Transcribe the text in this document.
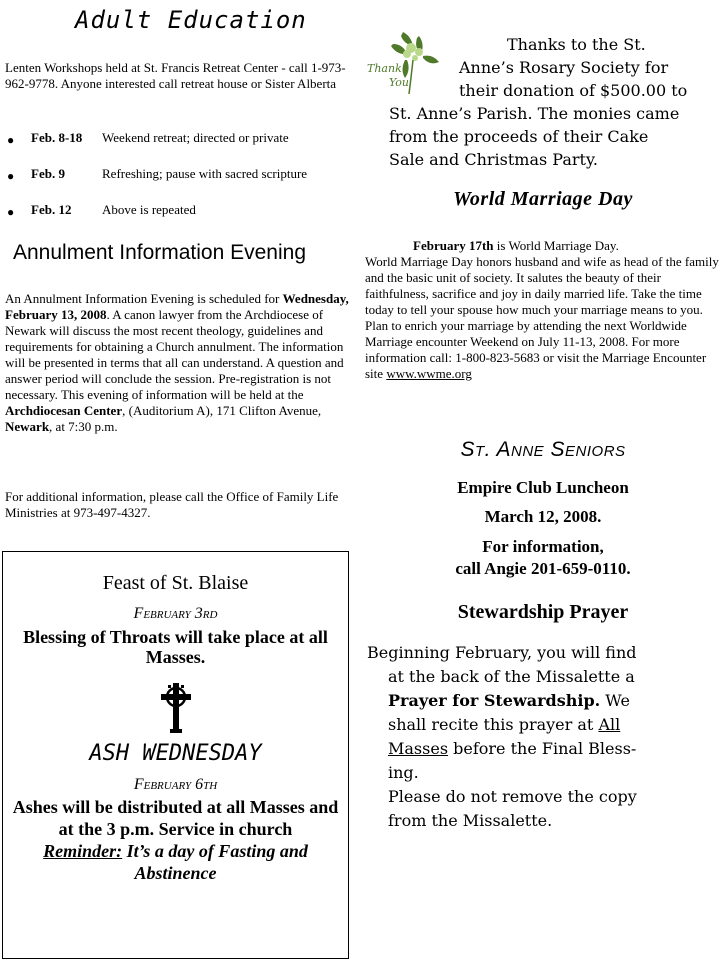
Adult Education

Lenten Workshops held at St. Francis Retreat Center - call 1-973-962-9778. Anyone interested call retreat house or Sister Alberta

● Feb. 8-18 Weekend retreat; directed or private
● Feb. 9	Refreshing; pause with sacred scripture
● Feb. 12 Above is repeated
Annulment Information Evening

An Annulment Information Evening is scheduled for Wednesday, February 13, 2008. A canon lawyer from the Archdiocese of Newark will discuss the most recent theology, guidelines and requirements for obtaining a Church annulment. The information will be presented in terms that all can understand. A question and answer period will conclude the session. Pre-registration is not necessary. This evening of information will be held at the Archdiocesan Center, (Auditorium A), 171 Clifton Avenue, Newark, at 7:30 p.m.

For additional information, please call the Office of Family Life Ministries at 973-497-4327.

Feast of St. Blaise
February 3rd
Blessing of Throats will take place at all Masses.
ASH WEDNESDAY
February 6th
Ashes will be distributed at all Masses and at the 3 p.m. Service in church
Reminder: It’s a day of Fasting and Abstinence
Thank
You
Thanks to the St.
Anne’s Rosary Society for
their donation of $500.00 to
St. Anne’s Parish. The monies came
from the proceeds of their Cake
Sale and Christmas Party.
World Marriage Day
February 17th is World Marriage Day.
World Marriage Day honors husband and wife as head of the family and the basic unit of society. It salutes the beauty of their faithfulness, sacrifice and joy in daily married life. Take the time today to tell your spouse how much your marriage means to you. Plan to enrich your marriage by attending the next Worldwide Marriage encounter Weekend on July 11-13, 2008. For more information call: 1-800-823-5683 or visit the Marriage Encounter site www.wwme.org
St. Anne Seniors
Empire Club Luncheon
March 12, 2008.
For information,
call Angie 201-659-0110.
Stewardship Prayer
Beginning February, you will find
at the back of the Missalette a
Prayer for Stewardship. We
shall recite this prayer at All
Masses before the Final Bless-
ing.
Please do not remove the copy
from the Missalette.
